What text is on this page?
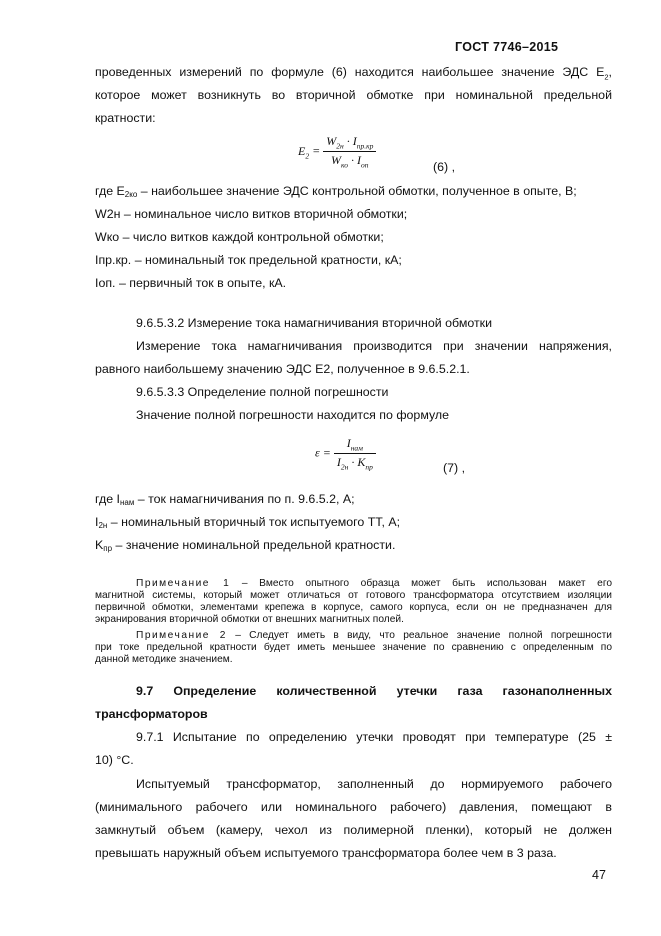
ГОСТ 7746–2015
проведенных измерений по формуле (6) находится наибольшее значение ЭДС $E_2$,
которое может возникнуть во вторичной обмотке при номинальной предельной
кратности:
$E_2 = \frac{W_{2н} \cdot I_{пр.кр}}{W_{ко} \cdot I_{оп}}$	(6) ,
где E2ко – наибольшее значение ЭДС контрольной обмотки, полученное в опыте, В;
W2н – номинальное число витков вторичной обмотки;
Wко – число витков каждой контрольной обмотки;
Iпр.кр. – номинальный ток предельной кратности, кА;
Iоп. – первичный ток в опыте, кА.
9.6.5.3.2 Измерение тока намагничивания вторичной обмотки
Измерение тока намагничивания производится при значении напряжения,
равного наибольшему значению ЭДС E2, полученное в 9.6.5.2.1.
9.6.5.3.3 Определение полной погрешности
Значение полной погрешности находится по формуле
$\varepsilon = \frac{I_{нам}}{I_{2н} \cdot K_{пр}}$	(7) ,
где Iнам – ток намагничивания по п. 9.6.5.2, А;
I2н – номинальный вторичный ток испытуемого ТТ, А;
Kпр – значение номинальной предельной кратности.
Примечание 1 – Вместо опытного образца может быть использован макет его
магнитной системы, который может отличаться от готового трансформатора отсутствием изоляции
первичной обмотки, элементами крепежа в корпусе, самого корпуса, если он не предназначен для
экранирования вторичной обмотки от внешних магнитных полей.
Примечание 2 – Следует иметь в виду, что реальное значение полной погрешности
при токе предельной кратности будет иметь меньшее значение по сравнению с определенным по
данной методике значением.
9.7 Определение количественной утечки газа газонаполненных
трансформаторов
9.7.1 Испытание по определению утечки проводят при температуре (25 ±
10) °С.
Испытуемый трансформатор, заполненный до нормируемого рабочего
(минимального рабочего или номинального рабочего) давления, помещают в
замкнутый объем (камеру, чехол из полимерной пленки), который не должен
превышать наружный объем испытуемого трансформатора более чем в 3 раза.
47
